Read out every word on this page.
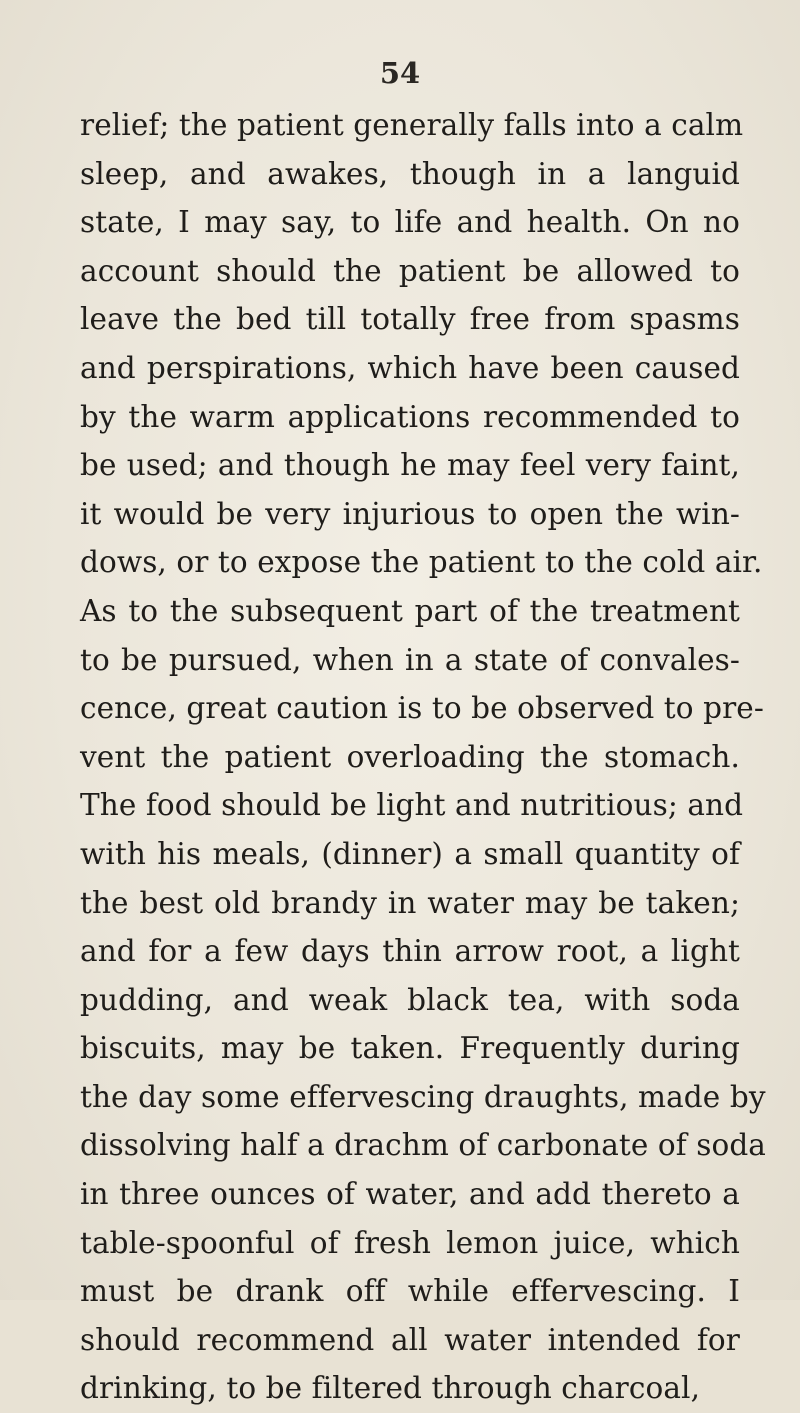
54
relief; the patient generally falls into a calm
sleep, and awakes, though in a languid
state, I may say, to life and health. On no
account should the patient be allowed to
leave the bed till totally free from spasms
and perspirations, which have been caused
by the warm applications recommended to
be used; and though he may feel very faint,
it would be very injurious to open the win-
dows, or to expose the patient to the cold air.
As to the subsequent part of the treatment
to be pursued, when in a state of convales-
cence, great caution is to be observed to pre-
vent the patient overloading the stomach.
The food should be light and nutritious; and
with his meals, (dinner) a small quantity of
the best old brandy in water may be taken;
and for a few days thin arrow root, a light
pudding, and weak black tea, with soda
biscuits, may be taken. Frequently during
the day some effervescing draughts, made by
dissolving half a drachm of carbonate of soda
in three ounces of water, and add thereto a
table-spoonful of fresh lemon juice, which
must be drank off while effervescing. I
should recommend all water intended for
drinking, to be filtered through charcoal,
